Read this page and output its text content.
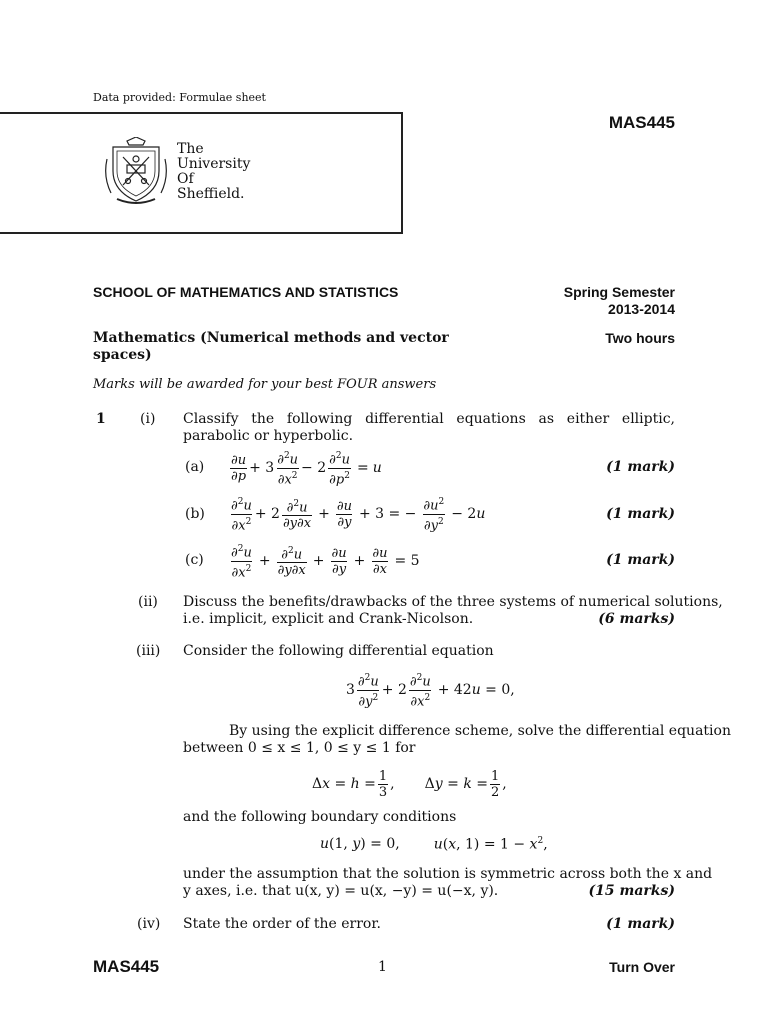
Data provided: Formulae sheet
MAS445
The
University
Of
Sheffield.
SCHOOL OF MATHEMATICS AND STATISTICS	Spring Semester
2013-2014
Mathematics (Numerical methods and vector spaces)
Two hours
Marks will be awarded for your best FOUR answers
1 (i) Classify the following differential equations as either elliptic, parabolic or hyperbolic.
$(a) \frac{\partial u}{\partial p} + 3 \frac{\partial^2u}{\partial x^2} - 2 \frac{\partial^2u}{\partial p^2} = u$	(1 mark)
$(b) \frac{\partial^2u}{\partial x^2} + 2 \frac{\partial^2u}{\partial y\partial x} + \frac{\partial u}{\partial y} + 3$ = − $\frac{\partial u^2}{\partial y^2} - 2u$	(1 mark)
$(c) \frac{\partial^2u}{\partial x^2} + \frac{\partial^2u}{\partial y\partial x} + \frac{\partial u}{\partial y} + \frac{\partial u}{\partial x} = 5$	(1 mark)
(ii) Discuss the benefits/drawbacks of the three systems of numerical solutions,
i.e. implicit, explicit and Crank-Nicolson.	(6 marks)
(iii) Consider the following differential equation
$3 \frac{\partial^2u}{\partial y^2} + 2 \frac{\partial^2u}{\partial x^2} + 42u = 0$,
By using the explicit difference scheme, solve the differential equation
between 0 ≤ x ≤ 1, 0 ≤ y ≤ 1 for
$\Delta x = h = \frac{1}{3}$ , $\Delta y = k = \frac{1}{2}$ ,
and the following boundary conditions
u(1, y) = 0, u(x, $1) = 1 - x^2$,
under the assumption that the solution is symmetric across both the x and
y axes, i.e. that u(x, y) = u(x, −y) = u(−x, y).	(15 marks)
(iv) State the order of the error.	(1 mark)
MAS445	1	Turn Over
